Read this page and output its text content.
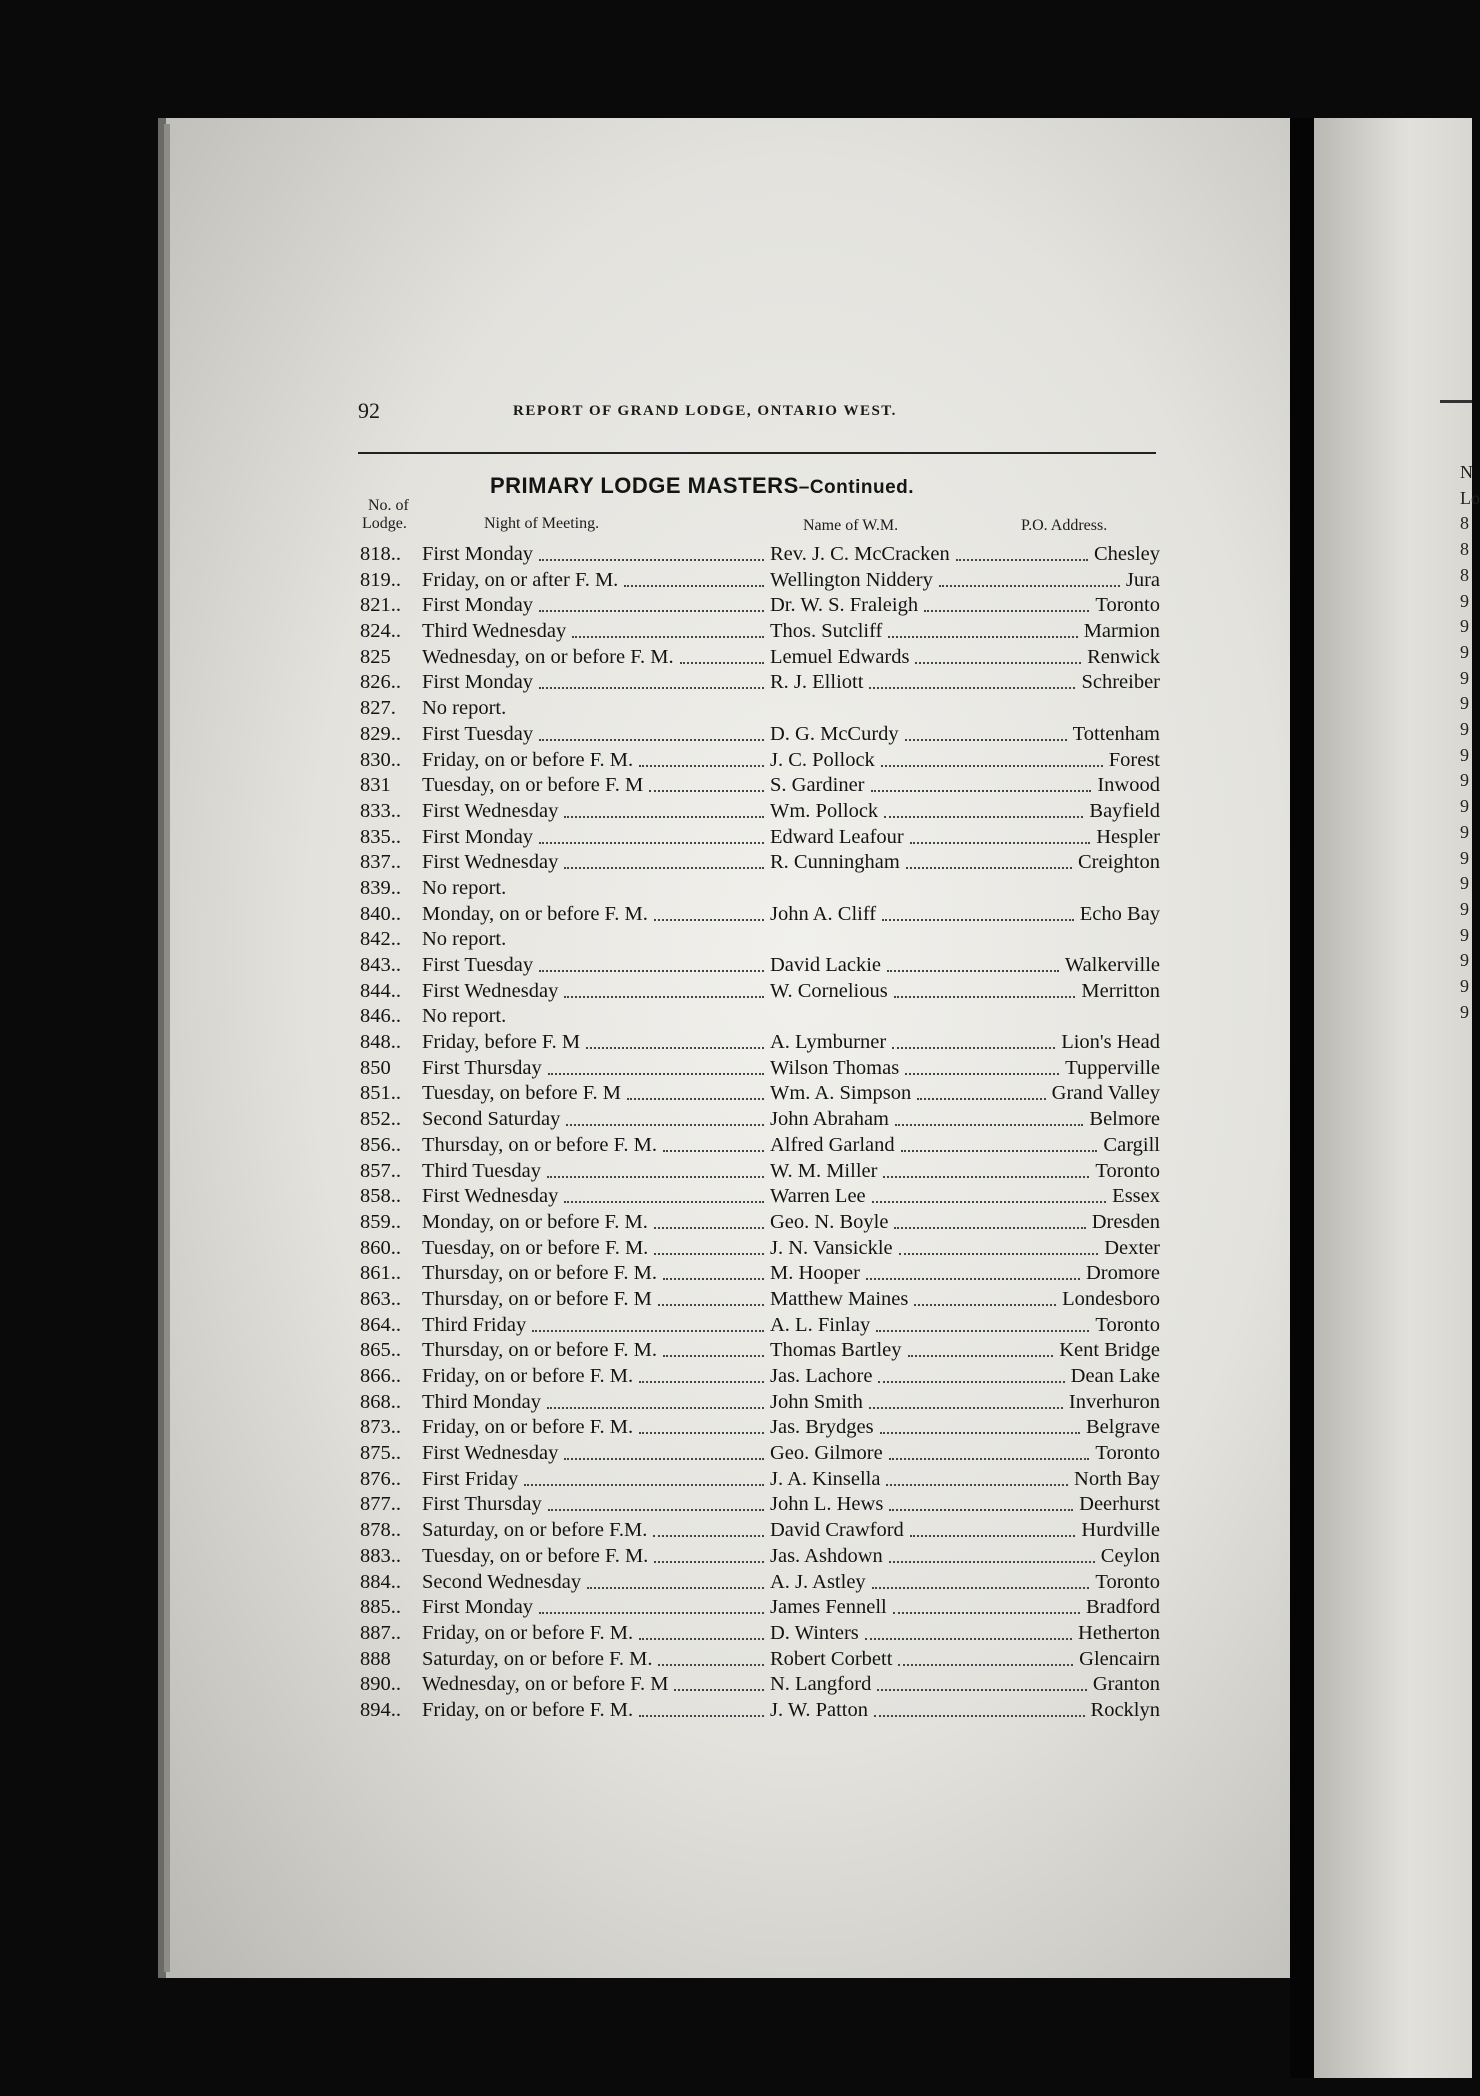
N
Lo
8
8
8
9
9
9
9
9
9
9
9
9
9
9
9
9
9
9
9
9
92	REPORT OF GRAND LODGE, ONTARIO WEST.
PRIMARY LODGE MASTERS–Continued.
No. of
Lodge.	Night of Meeting.	Name of W.M.	P.O. Address.
818.. First Monday	Rev. J. C. McCracken	Chesley
819.. Friday, on or after F. M.	Wellington Niddery	Jura
821.. First Monday	Dr. W. S. Fraleigh	Toronto
824.. Third Wednesday	Thos. Sutcliff	Marmion
825 Wednesday, on or before F. M.	Lemuel Edwards	Renwick
826.. First Monday	R. J. Elliott	Schreiber
827. No report.
829.. First Tuesday	D. G. McCurdy	Tottenham
830.. Friday, on or before F. M.	J. C. Pollock	Forest
831 Tuesday, on or before F. M	S. Gardiner	Inwood
833.. First Wednesday	Wm. Pollock	Bayfield
835.. First Monday	Edward Leafour	Hespler
837.. First Wednesday	R. Cunningham	Creighton
839.. No report.
840.. Monday, on or before F. M.	John A. Cliff	Echo Bay
842.. No report.
843.. First Tuesday	David Lackie	Walkerville
844.. First Wednesday	W. Cornelious	Merritton
846.. No report.
848.. Friday, before F. M	A. Lymburner	Lion's Head
850 First Thursday	Wilson Thomas	Tupperville
851.. Tuesday, on before F. M	Wm. A. Simpson	Grand Valley
852.. Second Saturday	John Abraham	Belmore
856.. Thursday, on or before F. M.	Alfred Garland	Cargill
857.. Third Tuesday	W. M. Miller	Toronto
858.. First Wednesday	Warren Lee	Essex
859.. Monday, on or before F. M.	Geo. N. Boyle	Dresden
860.. Tuesday, on or before F. M.	J. N. Vansickle	Dexter
861.. Thursday, on or before F. M.	M. Hooper	Dromore
863.. Thursday, on or before F. M	Matthew Maines	Londesboro
864.. Third Friday	A. L. Finlay	Toronto
865.. Thursday, on or before F. M.	Thomas Bartley	Kent Bridge
866.. Friday, on or before F. M.	Jas. Lachore	Dean Lake
868.. Third Monday	John Smith	Inverhuron
873.. Friday, on or before F. M.	Jas. Brydges	Belgrave
875.. First Wednesday	Geo. Gilmore	Toronto
876.. First Friday	J. A. Kinsella	North Bay
877.. First Thursday	John L. Hews	Deerhurst
878.. Saturday, on or before F.M.	David Crawford	Hurdville
883.. Tuesday, on or before F. M.	Jas. Ashdown	Ceylon
884.. Second Wednesday	A. J. Astley	Toronto
885.. First Monday	James Fennell	Bradford
887.. Friday, on or before F. M.	D. Winters	Hetherton
888 Saturday, on or before F. M.	Robert Corbett	Glencairn
890.. Wednesday, on or before F. M	N. Langford	Granton
894.. Friday, on or before F. M.	J. W. Patton	Rocklyn
